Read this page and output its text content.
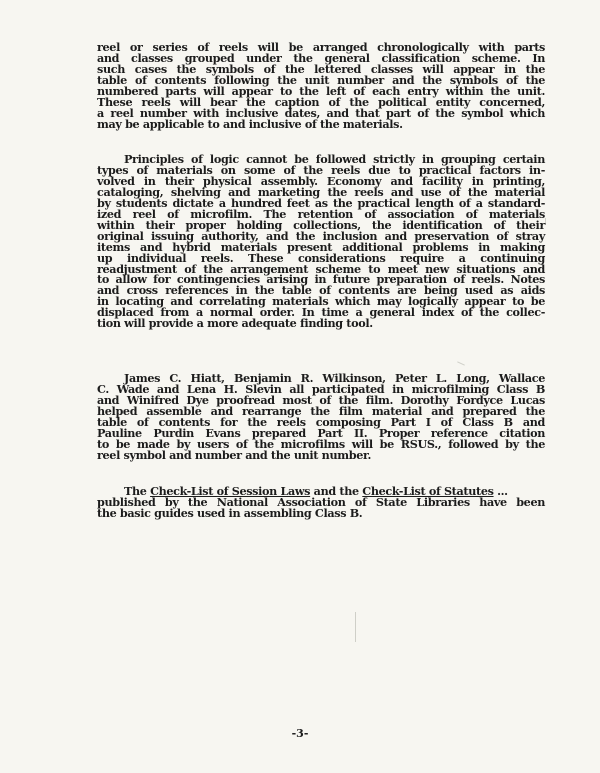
reel or series of reels will be arranged chronologically with parts
and classes grouped under the general classification scheme. In
such cases the symbols of the lettered classes will appear in the
table of contents following the unit number and the symbols of the
numbered parts will appear to the left of each entry within the unit.
These reels will bear the caption of the political entity concerned,
a reel number with inclusive dates, and that part of the symbol which
may be applicable to and inclusive of the materials.
Principles of logic cannot be followed strictly in grouping certain
types of materials on some of the reels due to practical factors in-
volved in their physical assembly. Economy and facility in printing,
cataloging, shelving and marketing the reels and use of the material
by students dictate a hundred feet as the practical length of a standard-
ized reel of microfilm. The retention of association of materials
within their proper holding collections, the identification of their
original issuing authority, and the inclusion and preservation of stray
items and hybrid materials present additional problems in making
up individual reels. These considerations require a continuing
readjustment of the arrangement scheme to meet new situations and
to allow for contingencies arising in future preparation of reels. Notes
and cross references in the table of contents are being used as aids
in locating and correlating materials which may logically appear to be
displaced from a normal order. In time a general index of the collec-
tion will provide a more adequate finding tool.
James C. Hiatt, Benjamin R. Wilkinson, Peter L. Long, Wallace
C. Wade and Lena H. Slevin all participated in microfilming Class B
and Winifred Dye proofread most of the film. Dorothy Fordyce Lucas
helped assemble and rearrange the film material and prepared the
table of contents for the reels composing Part I of Class B and
Pauline Purdin Evans prepared Part II. Proper reference citation
to be made by users of the microfilms will be RSUS., followed by the
reel symbol and number and the unit number.
The Check-List of Session Laws and the Check-List of Statutes ...
published by the National Association of State Libraries have been
the basic guides used in assembling Class B.
-3-
